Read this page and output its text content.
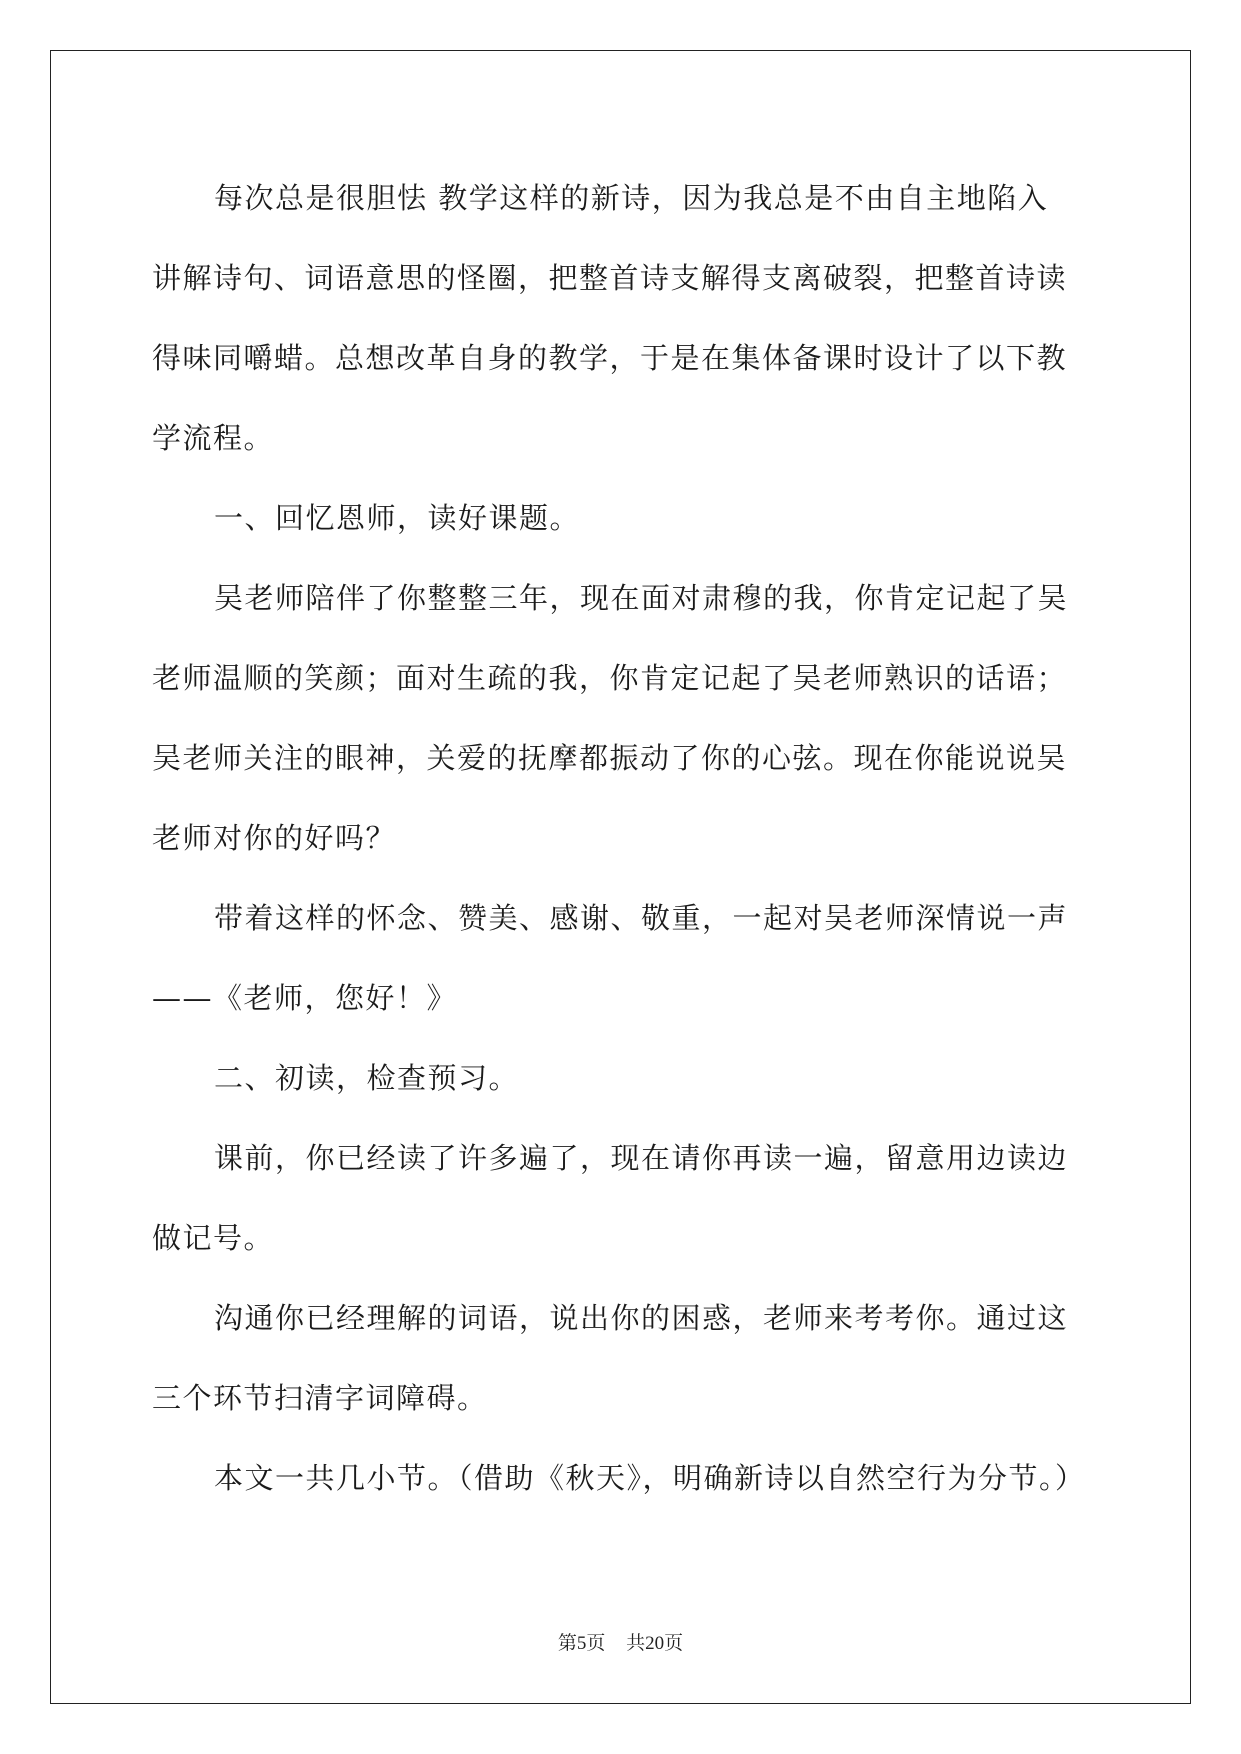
每次总是很胆怯 教学这样的新诗，因为我总是不由自主地陷入
讲解诗句、词语意思的怪圈，把整首诗支解得支离破裂，把整首诗读
得味同嚼蜡。总想改革自身的教学，于是在集体备课时设计了以下教
学流程。
一、回忆恩师，读好课题。
吴老师陪伴了你整整三年，现在面对肃穆的我，你肯定记起了吴
老师温顺的笑颜；面对生疏的我，你肯定记起了吴老师熟识的话语；
吴老师关注的眼神，关爱的抚摩都振动了你的心弦。现在你能说说吴
老师对你的好吗？
带着这样的怀念、赞美、感谢、敬重，一起对吴老师深情说一声
——《老师，您好！》
二、初读，检查预习。
课前，你已经读了许多遍了，现在请你再读一遍，留意用边读边
做记号。
沟通你已经理解的词语，说出你的困惑，老师来考考你。通过这
三个环节扫清字词障碍。
本文一共几小节。（借助《秋天》，明确新诗以自然空行为分节。）
第5页 共20页
